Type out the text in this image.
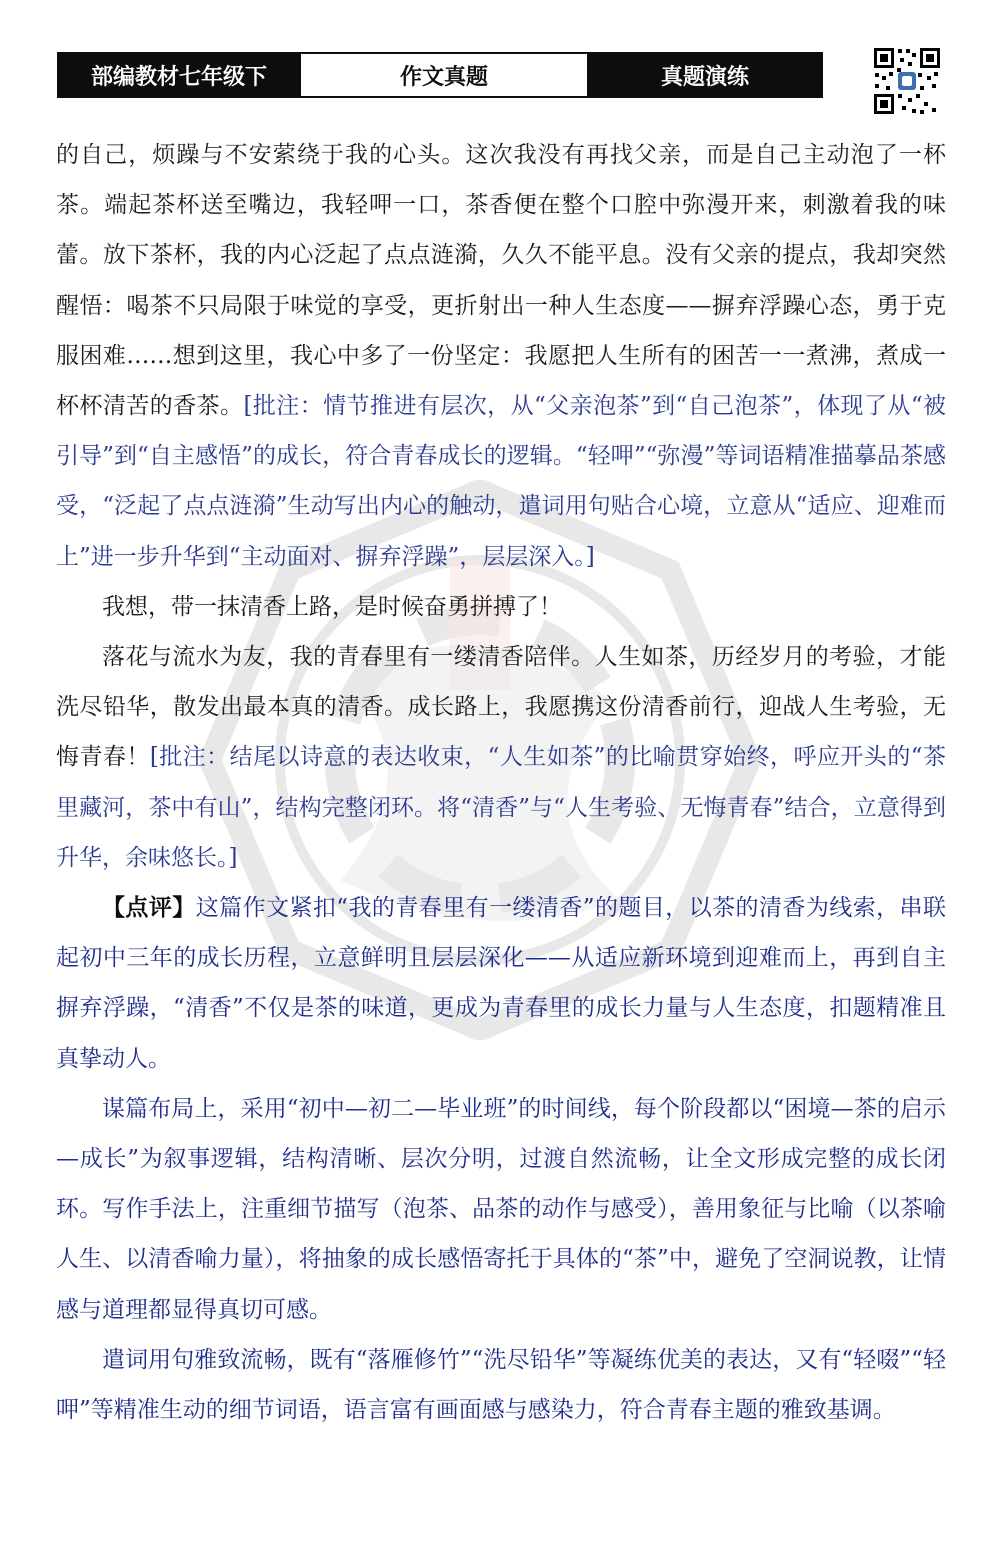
部编教材七年级下	作文真题	真题演练

的自己，烦躁与不安萦绕于我的心头。这次我没有再找父亲，而是自己主动泡了一杯茶。端起茶杯送至嘴边，我轻呷一口，茶香便在整个口腔中弥漫开来，刺激着我的味蕾。放下茶杯，我的内心泛起了点点涟漪，久久不能平息。没有父亲的提点，我却突然醒悟：喝茶不只局限于味觉的享受，更折射出一种人生态度——摒弃浮躁心态，勇于克服困难……想到这里，我心中多了一份坚定：我愿把人生所有的困苦一一煮沸，煮成一杯杯清苦的香茶。[批注：情节推进有层次，从“父亲泡茶”到“自己泡茶”，体现了从“被引导”到“自主感悟”的成长，符合青春成长的逻辑。“轻呷”“弥漫”等词语精准描摹品茶感受，“泛起了点点涟漪”生动写出内心的触动，遣词用句贴合心境，立意从“适应、迎难而上”进一步升华到“主动面对、摒弃浮躁”，层层深入。]

我想，带一抹清香上路，是时候奋勇拼搏了！

落花与流水为友，我的青春里有一缕清香陪伴。人生如茶，历经岁月的考验，才能洗尽铅华，散发出最本真的清香。成长路上，我愿携这份清香前行，迎战人生考验，无悔青春！[批注：结尾以诗意的表达收束，“人生如茶”的比喻贯穿始终，呼应开头的“茶里藏河，茶中有山”，结构完整闭环。将“清香”与“人生考验、无悔青春”结合，立意得到升华，余味悠长。]

【点评】这篇作文紧扣“我的青春里有一缕清香”的题目，以茶的清香为线索，串联起初中三年的成长历程，立意鲜明且层层深化——从适应新环境到迎难而上，再到自主摒弃浮躁，“清香”不仅是茶的味道，更成为青春里的成长力量与人生态度，扣题精准且真挚动人。

谋篇布局上，采用“初中—初二—毕业班”的时间线，每个阶段都以“困境—茶的启示—成长”为叙事逻辑，结构清晰、层次分明，过渡自然流畅，让全文形成完整的成长闭环。写作手法上，注重细节描写（泡茶、品茶的动作与感受），善用象征与比喻（以茶喻人生、以清香喻力量），将抽象的成长感悟寄托于具体的“茶”中，避免了空洞说教，让情感与道理都显得真切可感。

遣词用句雅致流畅，既有“落雁修竹”“洗尽铅华”等凝练优美的表达，又有“轻啜”“轻呷”等精准生动的细节词语，语言富有画面感与感染力，符合青春主题的雅致基调。
